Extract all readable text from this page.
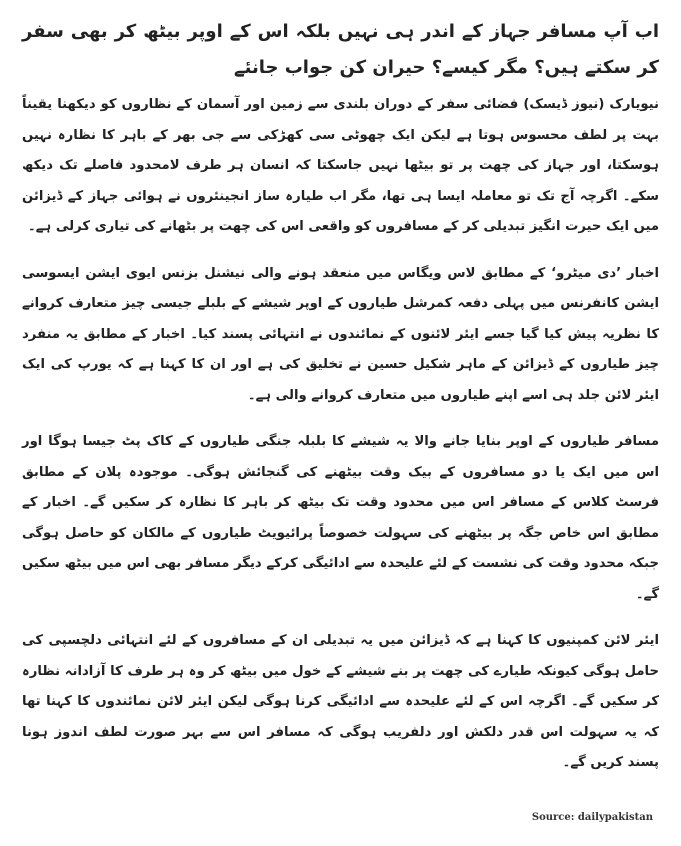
اب آپ مسافر جہاز کے اندر ہی نہیں بلکہ اس کے اوپر بیٹھ کر بھی سفر کر سکتے ہیں؟ مگر کیسے؟ حیران کن جواب جانئے

نیویارک (نیوز ڈیسک) فضائی سفر کے دوران بلندی سے زمین اور آسمان کے نظاروں کو دیکھنا یقیناً بہت پر لطف محسوس ہوتا ہے لیکن ایک چھوٹی سی کھڑکی سے جی بھر کے باہر کا نظارہ نہیں ہوسکتا، اور جہاز کی چھت پر تو بیٹھا نہیں جاسکتا کہ انسان ہر طرف لامحدود فاصلے تک دیکھ سکے۔ اگرچہ آج تک تو معاملہ ایسا ہی تھا، مگر اب طیارہ ساز انجینئروں نے ہوائی جہاز کے ڈیزائن میں ایک حیرت انگیز تبدیلی کر کے مسافروں کو واقعی اس کی چھت پر بٹھانے کی تیاری کرلی ہے۔

اخبار ’دی میٹرو‘ کے مطابق لاس ویگاس میں منعقد ہونے والی نیشنل بزنس ایوی ایشن ایسوسی ایشن کانفرنس میں پہلی دفعہ کمرشل طیاروں کے اوپر شیشے کے بلبلے جیسی چیز متعارف کروانے کا نظریہ پیش کیا گیا جسے ایئر لائنوں کے نمائندوں نے انتہائی پسند کیا۔ اخبار کے مطابق یہ منفرد چیز طیاروں کے ڈیزائن کے ماہر شکیل حسین نے تخلیق کی ہے اور ان کا کہنا ہے کہ یورپ کی ایک ایئر لائن جلد ہی اسے اپنے طیاروں میں متعارف کروانے والی ہے۔

مسافر طیاروں کے اوپر بنایا جانے والا یہ شیشے کا بلبلہ جنگی طیاروں کے کاک پٹ جیسا ہوگا اور اس میں ایک یا دو مسافروں کے بیک وقت بیٹھنے کی گنجائش ہوگی۔ موجودہ پلان کے مطابق فرسٹ کلاس کے مسافر اس میں محدود وقت تک بیٹھ کر باہر کا نظارہ کر سکیں گے۔ اخبار کے مطابق اس خاص جگہ پر بیٹھنے کی سہولت خصوصاً پرائیویٹ طیاروں کے مالکان کو حاصل ہوگی جبکہ محدود وقت کی نشست کے لئے علیحدہ سے ادائیگی کرکے دیگر مسافر بھی اس میں بیٹھ سکیں گے۔

ایئر لائن کمپنیوں کا کہنا ہے کہ ڈیزائن میں یہ تبدیلی ان کے مسافروں کے لئے انتہائی دلچسپی کی حامل ہوگی کیونکہ طیارے کی چھت پر بنے شیشے کے خول میں بیٹھ کر وہ ہر طرف کا آزادانہ نظارہ کر سکیں گے۔ اگرچہ اس کے لئے علیحدہ سے ادائیگی کرنا ہوگی لیکن ایئر لائن نمائندوں کا کہنا تھا کہ یہ سہولت اس قدر دلکش اور دلفریب ہوگی کہ مسافر اس سے بہر صورت لطف اندوز ہونا پسند کریں گے۔

Source: dailypakistan
